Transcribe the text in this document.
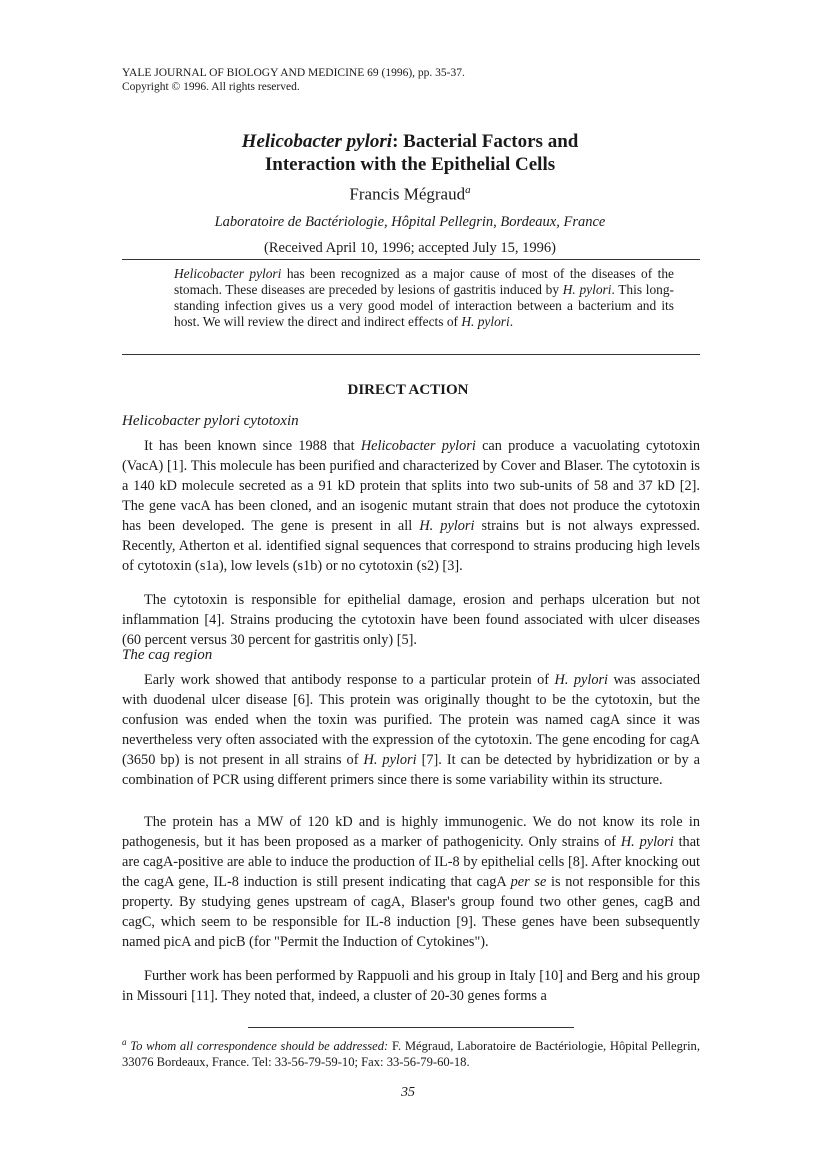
YALE JOURNAL OF BIOLOGY AND MEDICINE 69 (1996), pp. 35-37.
Copyright © 1996. All rights reserved.
Helicobacter pylori: Bacterial Factors and
Interaction with the Epithelial Cells
Francis Mégraud$^a$
Laboratoire de Bactériologie, Hôpital Pellegrin, Bordeaux, France
(Received April 10, 1996; accepted July 15, 1996)
Helicobacter pylori has been recognized as a major cause of most of the diseases of the stomach. These diseases are preceded by lesions of gastritis induced by H. pylori. This long-standing infection gives us a very good model of interaction between a bacterium and its host. We will review the direct and indirect effects of H. pylori.
DIRECT ACTION
Helicobacter pylori cytotoxin
It has been known since 1988 that Helicobacter pylori can produce a vacuolating cytotoxin (VacA) [1]. This molecule has been purified and characterized by Cover and Blaser. The cytotoxin is a 140 kD molecule secreted as a 91 kD protein that splits into two sub-units of 58 and 37 kD [2]. The gene vacA has been cloned, and an isogenic mutant strain that does not produce the cytotoxin has been developed. The gene is present in all H. pylori strains but is not always expressed. Recently, Atherton et al. identified signal sequences that correspond to strains producing high levels of cytotoxin (s1a), low levels (s1b) or no cytotoxin (s2) [3].
The cytotoxin is responsible for epithelial damage, erosion and perhaps ulceration but not inflammation [4]. Strains producing the cytotoxin have been found associated with ulcer diseases (60 percent versus 30 percent for gastritis only) [5].
The cag region
Early work showed that antibody response to a particular protein of H. pylori was associated with duodenal ulcer disease [6]. This protein was originally thought to be the cytotoxin, but the confusion was ended when the toxin was purified. The protein was named cagA since it was nevertheless very often associated with the expression of the cytotoxin. The gene encoding for cagA (3650 bp) is not present in all strains of H. pylori [7]. It can be detected by hybridization or by a combination of PCR using different primers since there is some variability within its structure.
The protein has a MW of 120 kD and is highly immunogenic. We do not know its role in pathogenesis, but it has been proposed as a marker of pathogenicity. Only strains of H. pylori that are cagA-positive are able to induce the production of IL-8 by epithelial cells [8]. After knocking out the cagA gene, IL-8 induction is still present indicating that cagA per se is not responsible for this property. By studying genes upstream of cagA, Blaser's group found two other genes, cagB and cagC, which seem to be responsible for IL-8 induction [9]. These genes have been subsequently named picA and picB (for "Permit the Induction of Cytokines").
Further work has been performed by Rappuoli and his group in Italy [10] and Berg and his group in Missouri [11]. They noted that, indeed, a cluster of 20-30 genes forms a
$^a$ To whom all correspondence should be addressed: F. Mégraud, Laboratoire de Bactériologie, Hôpital Pellegrin, 33076 Bordeaux, France. Tel: 33-56-79-59-10; Fax: 33-56-79-60-18.
35
